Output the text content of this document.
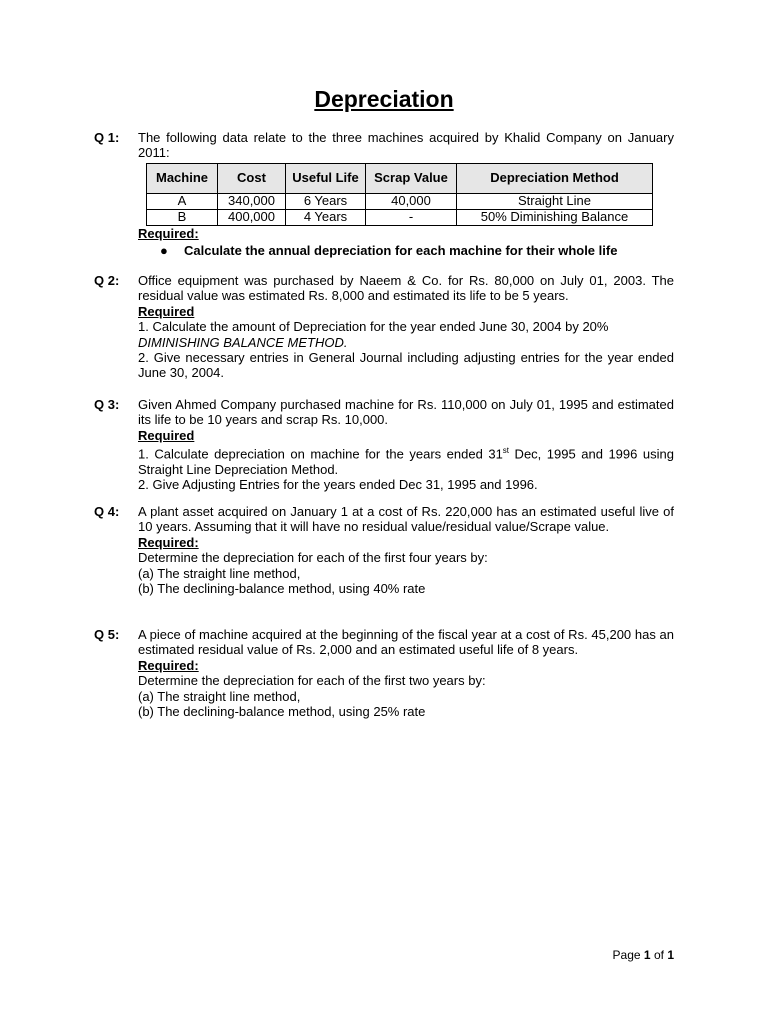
Depreciation
Q 1:	The following data relate to the three machines acquired by Khalid Company on January 2011:
Machine	Cost	Useful Life	Scrap Value	Depreciation Method
A	340,000	6 Years	40,000	Straight Line
B	400,000	4 Years	-	50% Diminishing Balance
Required:
● Calculate the annual depreciation for each machine for their whole life
Q 2:	Office equipment was purchased by Naeem & Co. for Rs. 80,000 on July 01, 2003. The residual value was estimated Rs. 8,000 and estimated its life to be 5 years.
Required
1. Calculate the amount of Depreciation for the year ended June 30, 2004 by 20%
DIMINISHING BALANCE METHOD.
2. Give necessary entries in General Journal including adjusting entries for the year ended June 30, 2004.
Q 3:	Given Ahmed Company purchased machine for Rs. 110,000 on July 01, 1995 and estimated its life to be 10 years and scrap Rs. 10,000.
Required
1. Calculate depreciation on machine for the years ended 31st Dec, 1995 and 1996 using Straight Line Depreciation Method.
2. Give Adjusting Entries for the years ended Dec 31, 1995 and 1996.
Q 4:	A plant asset acquired on January 1 at a cost of Rs. 220,000 has an estimated useful live of 10 years. Assuming that it will have no residual value/residual value/Scrape value.
Required:
Determine the depreciation for each of the first four years by:
(a) The straight line method,
(b) The declining-balance method, using 40% rate
Q 5:	A piece of machine acquired at the beginning of the fiscal year at a cost of Rs. 45,200 has an estimated residual value of Rs. 2,000 and an estimated useful life of 8 years.
Required:
Determine the depreciation for each of the first two years by:
(a) The straight line method,
(b) The declining-balance method, using 25% rate
Page 1 of 1
